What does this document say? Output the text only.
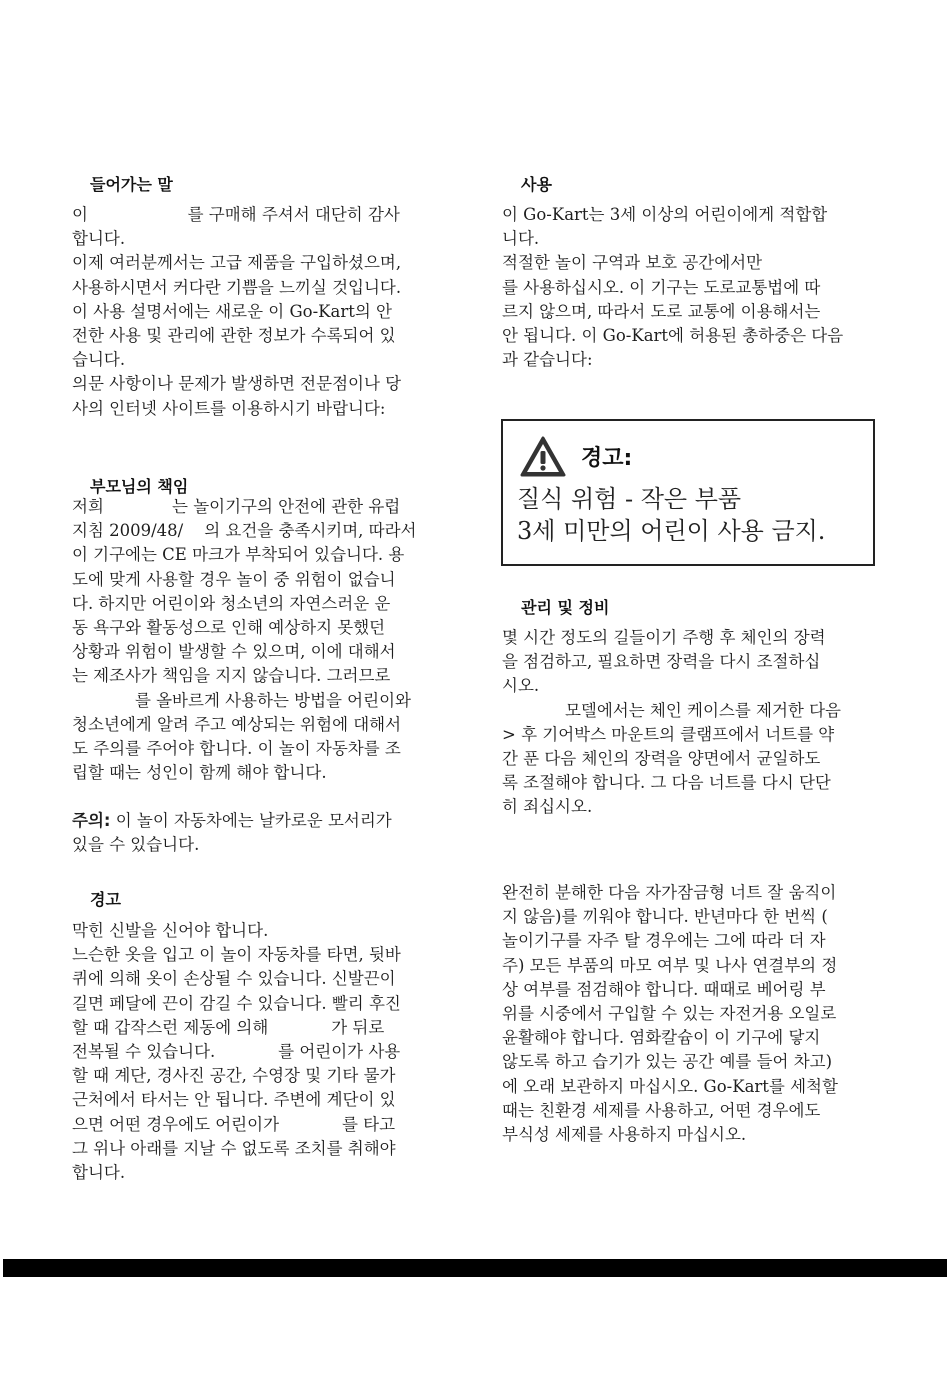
들어가는 말
이                   를 구매해 주셔서 대단히 감사
합니다.
이제 여러분께서는 고급 제품을 구입하셨으며,
사용하시면서 커다란 기쁨을 느끼실 것입니다.
이 사용 설명서에는 새로운 이 Go-Kart의 안
전한 사용 및 관리에 관한 정보가 수록되어 있
습니다.
의문 사항이나 문제가 발생하면 전문점이나 당
사의 인터넷 사이트를 이용하시기 바랍니다:
부모님의 책임
저희             는 놀이기구의 안전에 관한 유럽
지침 2009/48/    의 요건을 충족시키며, 따라서
이 기구에는 CE 마크가 부착되어 있습니다. 용
도에 맞게 사용할 경우 놀이 중 위험이 없습니
다. 하지만 어린이와 청소년의 자연스러운 운
동 욕구와 활동성으로 인해 예상하지 못했던
상황과 위험이 발생할 수 있으며, 이에 대해서
는 제조사가 책임을 지지 않습니다. 그러므로
를 올바르게 사용하는 방법을 어린이와
청소년에게 알려 주고 예상되는 위험에 대해서
도 주의를 주어야 합니다. 이 놀이 자동차를 조
립할 때는 성인이 함께 해야 합니다.
주의: 이 놀이 자동차에는 날카로운 모서리가
있을 수 있습니다.
경고
막힌 신발을 신어야 합니다.
느슨한 옷을 입고 이 놀이 자동차를 타면, 뒷바
퀴에 의해 옷이 손상될 수 있습니다. 신발끈이
길면 페달에 끈이 감길 수 있습니다. 빨리 후진
할 때 갑작스런 제동에 의해            가 뒤로
전복될 수 있습니다.            를 어린이가 사용
할 때 계단, 경사진 공간, 수영장 및 기타 물가
근처에서 타서는 안 됩니다. 주변에 계단이 있
으면 어떤 경우에도 어린이가            를 타고
그 위나 아래를 지날 수 없도록 조치를 취해야
합니다.
사용
이 Go-Kart는 3세 이상의 어린이에게 적합합
니다.
적절한 놀이 구역과 보호 공간에서만
를 사용하십시오. 이 기구는 도로교통법에 따
르지 않으며, 따라서 도로 교통에 이용해서는
안 됩니다. 이 Go-Kart에 허용된 총하중은 다음
과 같습니다:
경고:
질식 위험 - 작은 부품
3세 미만의 어린이 사용 금지.
관리 및 정비
몇 시간 정도의 길들이기 주행 후 체인의 장력
을 점검하고, 필요하면 장력을 다시 조절하십
시오.
모델에서는 체인 케이스를 제거한 다음
> 후 기어박스 마운트의 클램프에서 너트를 약
간 푼 다음 체인의 장력을 양면에서 균일하도
록 조절해야 합니다. 그 다음 너트를 다시 단단
히 죄십시오.
완전히 분해한 다음 자가잠금형 너트 잘 움직이
지 않음)를 끼워야 합니다. 반년마다 한 번씩 (
놀이기구를 자주 탈 경우에는 그에 따라 더 자
주) 모든 부품의 마모 여부 및 나사 연결부의 정
상 여부를 점검해야 합니다. 때때로 베어링 부
위를 시중에서 구입할 수 있는 자전거용 오일로
윤활해야 합니다. 염화칼슘이 이 기구에 닿지
않도록 하고 습기가 있는 공간 예를 들어 차고)
에 오래 보관하지 마십시오. Go-Kart를 세척할
때는 친환경 세제를 사용하고, 어떤 경우에도
부식성 세제를 사용하지 마십시오.
